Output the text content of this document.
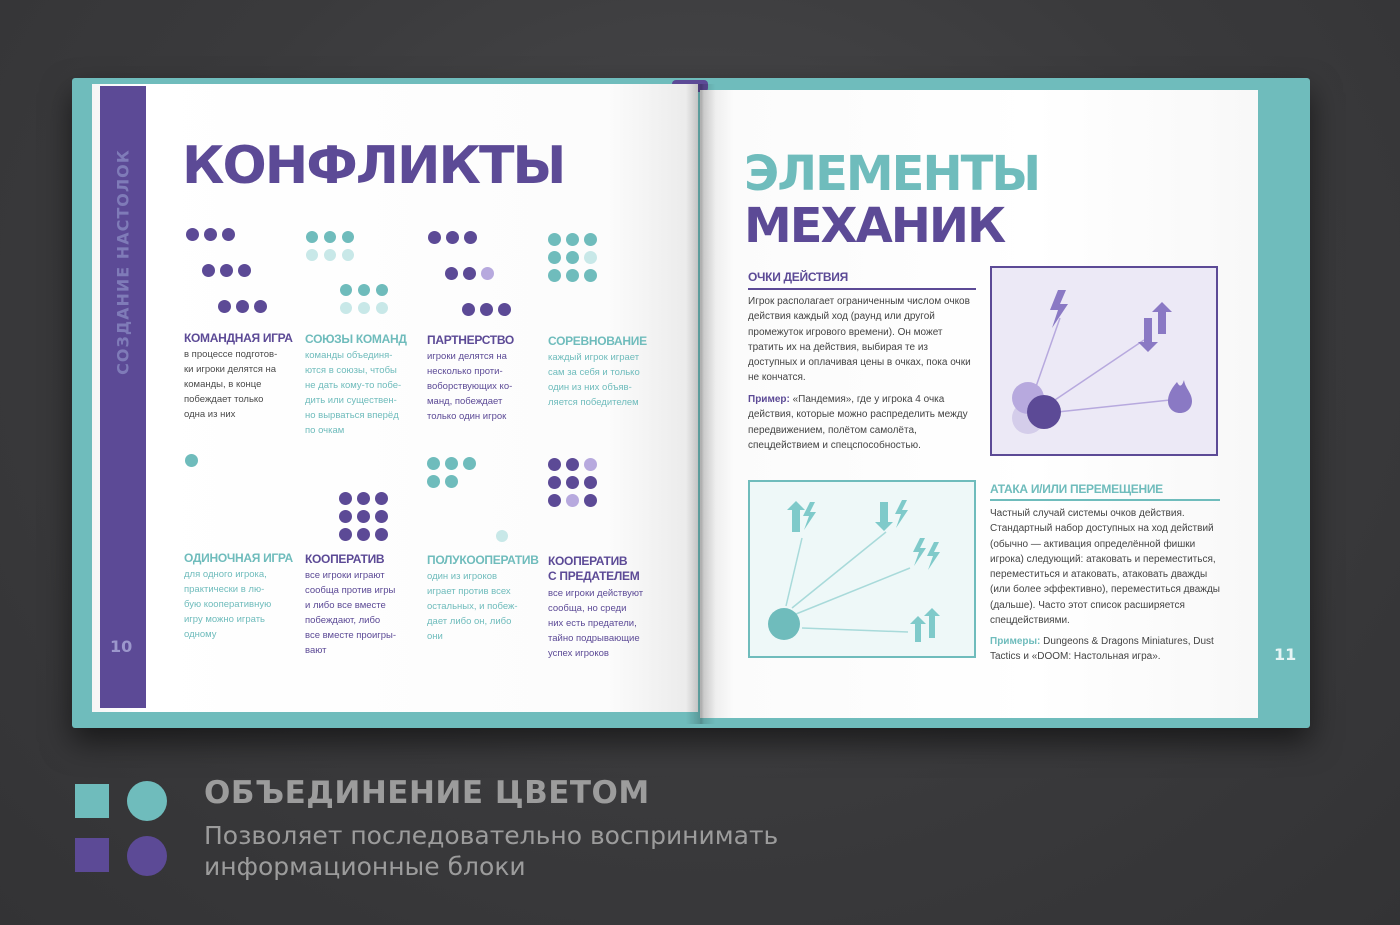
СОЗДАНИЕ НАСТОЛОК
10
КОНФЛИКТЫ
КОМАНДНАЯ ИГРА
в процессе подготов-
ки игроки делятся на
команды, в конце
побеждает только
одна из них
СОЮЗЫ КОМАНД
команды объединя-
ются в союзы, чтобы
не дать кому-то побе-
дить или существен-
но вырваться вперёд
по очкам
ПАРТНЕРСТВО
игроки делятся на
несколько проти-
воборствующих ко-
манд, побеждает
только один игрок
СОРЕВНОВАНИЕ
каждый игрок играет
сам за себя и только
один из них объяв-
ляется победителем
ОДИНОЧНАЯ ИГРА
для одного игрока,
практически в лю-
бую кооперативную
игру можно играть
одному
КООПЕРАТИВ
все игроки играют
сообща против игры
и либо все вместе
побеждают, либо
все вместе проигры-
вают
ПОЛУКООПЕРАТИВ
один из игроков
играет против всех
остальных, и побеж-
дает либо он, либо
они
КООПЕРАТИВ
С ПРЕДАТЕЛЕМ
все игроки действуют
сообща, но среди
них есть предатели,
тайно подрывающие
успех игроков	11
ЭЛЕМЕНТЫ
МЕХАНИК
ОЧКИ ДЕЙСТВИЯ
Игрок располагает ограниченным числом очков действия каждый ход (раунд или другой промежуток игрового времени). Он может тратить их на действия, выбирая те из доступных и оплачивая цены в очках, пока очки не кончатся.
Пример: «Пандемия», где у игрока 4 очка действия, которые можно распределить между передвижением, полётом самолёта, спецдействием и спецспособностью.
АТАКА И/ИЛИ ПЕРЕМЕЩЕНИЕ
Частный случай системы очков действия. Стандартный набор доступных на ход действий (обычно — активация определённой фишки игрока) следующий: атаковать и переместиться, переместиться и атаковать, атаковать дважды (или более эффективно), переместиться дважды (дальше). Часто этот список расширяется спецдействиями.
Примеры: Dungeons & Dragons Miniatures, Dust Tactics и «DOOM: Настольная игра».
ОБЪЕДИНЕНИЕ ЦВЕТОМ
Позволяет последовательно воспринимать
информационные блоки
